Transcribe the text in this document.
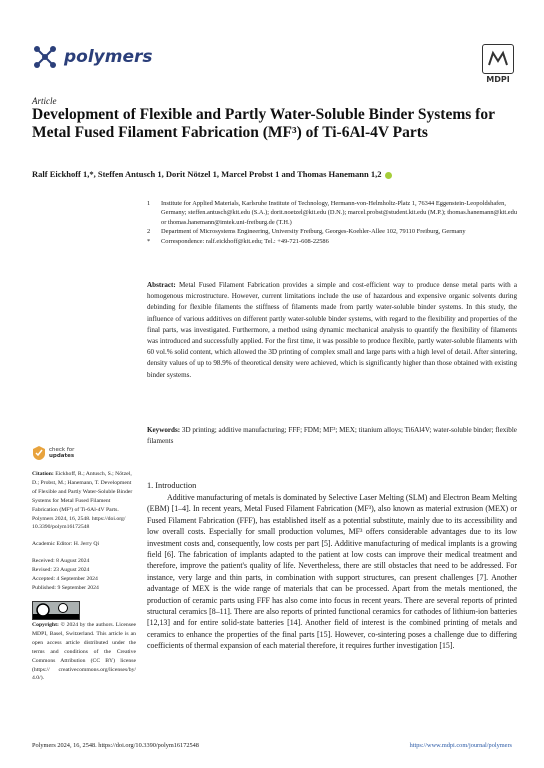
polymers
MDPI
Article
Development of Flexible and Partly Water-Soluble Binder Systems for Metal Fused Filament Fabrication (MF³) of Ti-6Al-4V Parts
Ralf Eickhoff 1,*, Steffen Antusch 1, Dorit Nötzel 1, Marcel Probst 1 and Thomas Hanemann 1,2
1	Institute for Applied Materials, Karlsruhe Institute of Technology, Hermann-von-Helmholtz-Platz 1, 76344 Eggenstein-Leopoldshafen, Germany; steffen.antusch@kit.edu (S.A.); dorit.noetzel@kit.edu (D.N.); marcel.probst@student.kit.edu (M.P.); thomas.hanemann@kit.edu or thomas.hanemann@imtek.uni-freiburg.de (T.H.)
2	Department of Microsystems Engineering, University Freiburg, Georges-Koehler-Allee 102, 79110 Freiburg, Germany
*	Correspondence: ralf.eickhoff@kit.edu; Tel.: +49-721-608-22586
Abstract: Metal Fused Filament Fabrication provides a simple and cost-efficient way to produce dense metal parts with a homogenous microstructure. However, current limitations include the use of hazardous and expensive organic solvents during debinding for flexible filaments the stiffness of filaments made from partly water-soluble binder systems. In this study, the influence of various additives on different partly water-soluble binder systems, with regard to the flexibility and properties of the final parts, was investigated. Furthermore, a method using dynamic mechanical analysis to quantify the flexibility of filaments was introduced and successfully applied. For the first time, it was possible to produce flexible, partly water-soluble filaments with 60 vol.% solid content, which allowed the 3D printing of complex small and large parts with a high level of detail. After sintering, density values of up to 98.9% of theoretical density were achieved, which is significantly higher than those obtained with existing binder systems.
Keywords: 3D printing; additive manufacturing; FFF; FDM; MF³; MEX; titanium alloys; Ti6Al4V; water-soluble binder; flexible filaments
check for
updates
Citation: Eickhoff, R.; Antusch, S.; Nötzel, D.; Probst, M.; Hanemann, T. Development of Flexible and Partly Water-Soluble Binder Systems for Metal Fused Filament Fabrication (MF³) of Ti-6Al-4V Parts. Polymers 2024, 16, 2548. https://doi.org/ 10.3390/polym16172548
Academic Editor: H. Jerry Qi
Received: 8 August 2024
Revised: 23 August 2024
Accepted: 4 September 2024
Published: 9 September 2024
Copyright: © 2024 by the authors. Licensee MDPI, Basel, Switzerland. This article is an open access article distributed under the terms and conditions of the Creative Commons Attribution (CC BY) license (https:// creativecommons.org/licenses/by/ 4.0/).
1. Introduction
Additive manufacturing of metals is dominated by Selective Laser Melting (SLM) and Electron Beam Melting (EBM) [1–4]. In recent years, Metal Fused Filament Fabrication (MF³), also known as material extrusion (MEX) or Fused Filament Fabrication (FFF), has established itself as a potential substitute, mainly due to its accessibility and low overall costs. Especially for small production volumes, MF³ offers considerable advantages due to its low investment costs and, consequently, low costs per part [5]. Additive manufacturing of medical implants is a growing field [6]. The fabrication of implants adapted to the patient at low costs can improve their medical treatment and therefore, improve the patient's quality of life. Nevertheless, there are still obstacles that need to be addressed. For instance, very large and thin parts, in combination with support structures, can present challenges [7]. Another advantage of MEX is the wide range of materials that can be processed. Apart from the metals mentioned, the production of ceramic parts using FFF has also come into focus in recent years. There are several reports of printed structural ceramics [8–11]. There are also reports of printed functional ceramics for cathodes of lithium-ion batteries [12,13] and for entire solid-state batteries [14]. Another field of interest is the combined printing of metals and ceramics to enhance the properties of the final parts [15]. However, co-sintering poses a challenge due to differing coefficients of thermal expansion of each material therefore, it requires further investigation [15].
Polymers 2024, 16, 2548. https://doi.org/10.3390/polym16172548	https://www.mdpi.com/journal/polymers
